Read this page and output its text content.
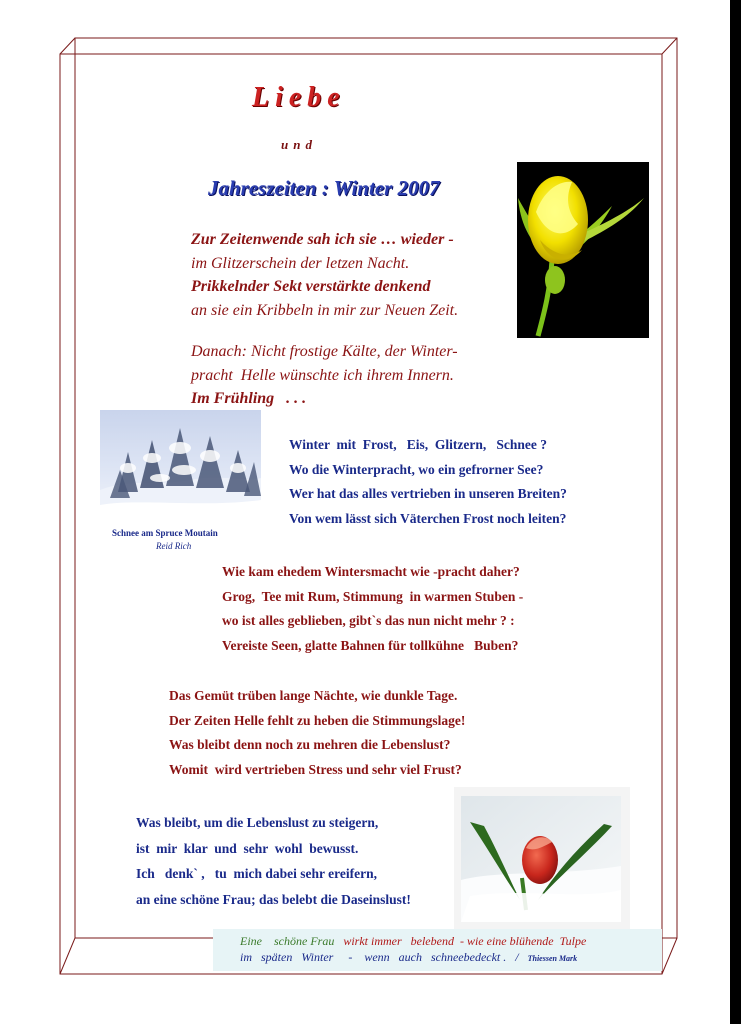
Liebe
und
Jahreszeiten : Winter 2007
Zur Zeitenwende sah ich sie … wieder -
im Glitzerschein der letzen Nacht.
Prikkelnder Sekt verstärkte denkend
an sie ein Kribbeln in mir zur Neuen Zeit.
Danach: Nicht frostige Kälte, der Winter-
pracht  Helle wünschte ich ihrem Innern.
Im Frühling   . . .
Winter  mit  Frost,   Eis,  Glitzern,   Schnee ?
Wo die Winterpracht, wo ein gefrorner See?
Wer hat das alles vertrieben in unseren Breiten?
Von wem lässt sich Väterchen Frost noch leiten?
Schnee am Spruce Moutain
Reid Rich
Wie kam ehedem Wintersmacht wie -pracht daher?
Grog,  Tee mit Rum, Stimmung  in warmen Stuben -
wo ist alles geblieben, gibt`s das nun nicht mehr ? :
Vereiste Seen, glatte Bahnen für tollkühne   Buben?
Das Gemüt trüben lange Nächte, wie dunkle Tage.
Der Zeiten Helle fehlt zu heben die Stimmungslage!
Was bleibt denn noch zu mehren die Lebenslust?
Womit  wird vertrieben Stress und sehr viel Frust?
Was bleibt, um die Lebenslust zu steigern,
ist  mir  klar  und  sehr  wohl  bewusst.
Ich   denk` ,   tu  mich dabei sehr ereifern,
an eine schöne Frau; das belebt die Daseinslust!
Eine    schöne Frau   wirkt immer   belebend  - wie eine blühende  Tulpe
im   späten   Winter     -    wenn   auch   schneebedeckt .   / Thiessen Mark
